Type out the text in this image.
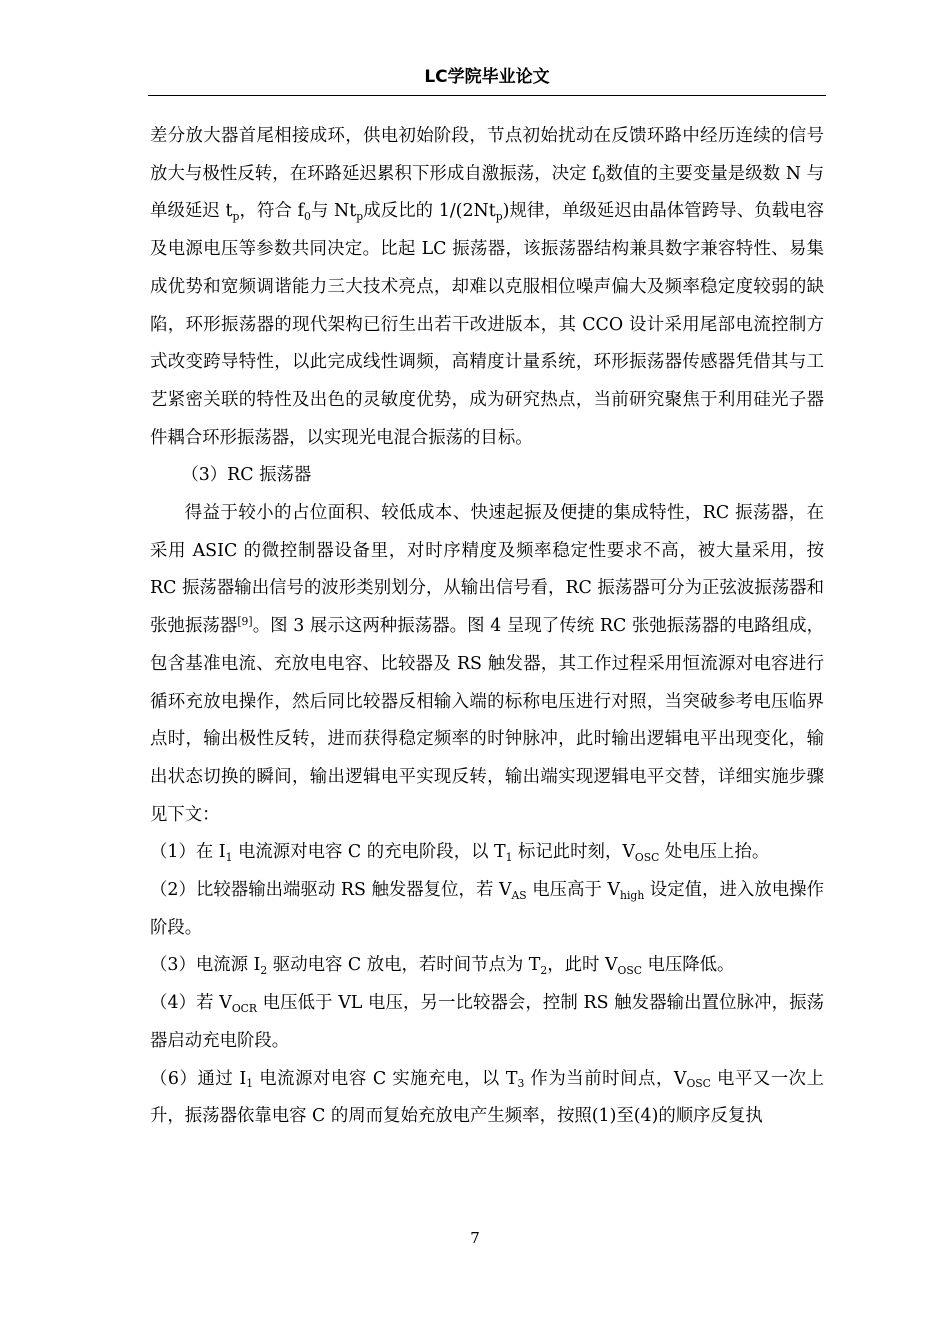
LC学院毕业论文

差分放大器首尾相接成环，供电初始阶段，节点初始扰动在反馈环路中经历连续的信号放大与极性反转，在环路延迟累积下形成自激振荡，决定 $f_0$数值的主要变量是级数 N 与单级延迟 $t_p$，符合 $f_0$与 $Nt_p$成反比的 $1/(2Nt_p)$规律，单级延迟由晶体管跨导、负载电容及电源电压等参数共同决定。比起 LC 振荡器，该振荡器结构兼具数字兼容特性、易集成优势和宽频调谐能力三大技术亮点，却难以克服相位噪声偏大及频率稳定度较弱的缺陷，环形振荡器的现代架构已衍生出若干改进版本，其 CCO 设计采用尾部电流控制方式改变跨导特性，以此完成线性调频，高精度计量系统，环形振荡器传感器凭借其与工艺紧密关联的特性及出色的灵敏度优势，成为研究热点，当前研究聚焦于利用硅光子器件耦合环形振荡器，以实现光电混合振荡的目标。

（3）RC 振荡器

得益于较小的占位面积、较低成本、快速起振及便捷的集成特性，RC 振荡器，在采用 ASIC 的微控制器设备里，对时序精度及频率稳定性要求不高，被大量采用，按 RC 振荡器输出信号的波形类别划分，从输出信号看，RC 振荡器可分为正弦波振荡器和张弛振荡器[9]。图 3 展示这两种振荡器。图 4 呈现了传统 RC 张弛振荡器的电路组成，包含基准电流、充放电电容、比较器及 RS 触发器，其工作过程采用恒流源对电容进行循环充放电操作，然后同比较器反相输入端的标称电压进行对照，当突破参考电压临界点时，输出极性反转，进而获得稳定频率的时钟脉冲，此时输出逻辑电平出现变化，输出状态切换的瞬间，输出逻辑电平实现反转，输出端实现逻辑电平交替，详细实施步骤见下文：

（1）在 $I_1$ 电流源对电容 C 的充电阶段，以 $T_1$ 标记此时刻，$V_{OSC}$ 处电压上抬。

（2）比较器输出端驱动 RS 触发器复位，若 $V_{AS}$ 电压高于 $V_{high}$ 设定值，进入放电操作阶段。

（3）电流源 $I_2$ 驱动电容 C 放电，若时间节点为 $T_2$，此时 $V_{OSC}$ 电压降低。

（4）若 $V_{OCR}$ 电压低于 VL 电压，另一比较器会，控制 RS 触发器输出置位脉冲，振荡器启动充电阶段。

（6）通过 $I_1$ 电流源对电容 C 实施充电，以 $T_3$ 作为当前时间点，$V_{OSC}$ 电平又一次上升，振荡器依靠电容 C 的周而复始充放电产生频率，按照(1)至(4)的顺序反复执

7
